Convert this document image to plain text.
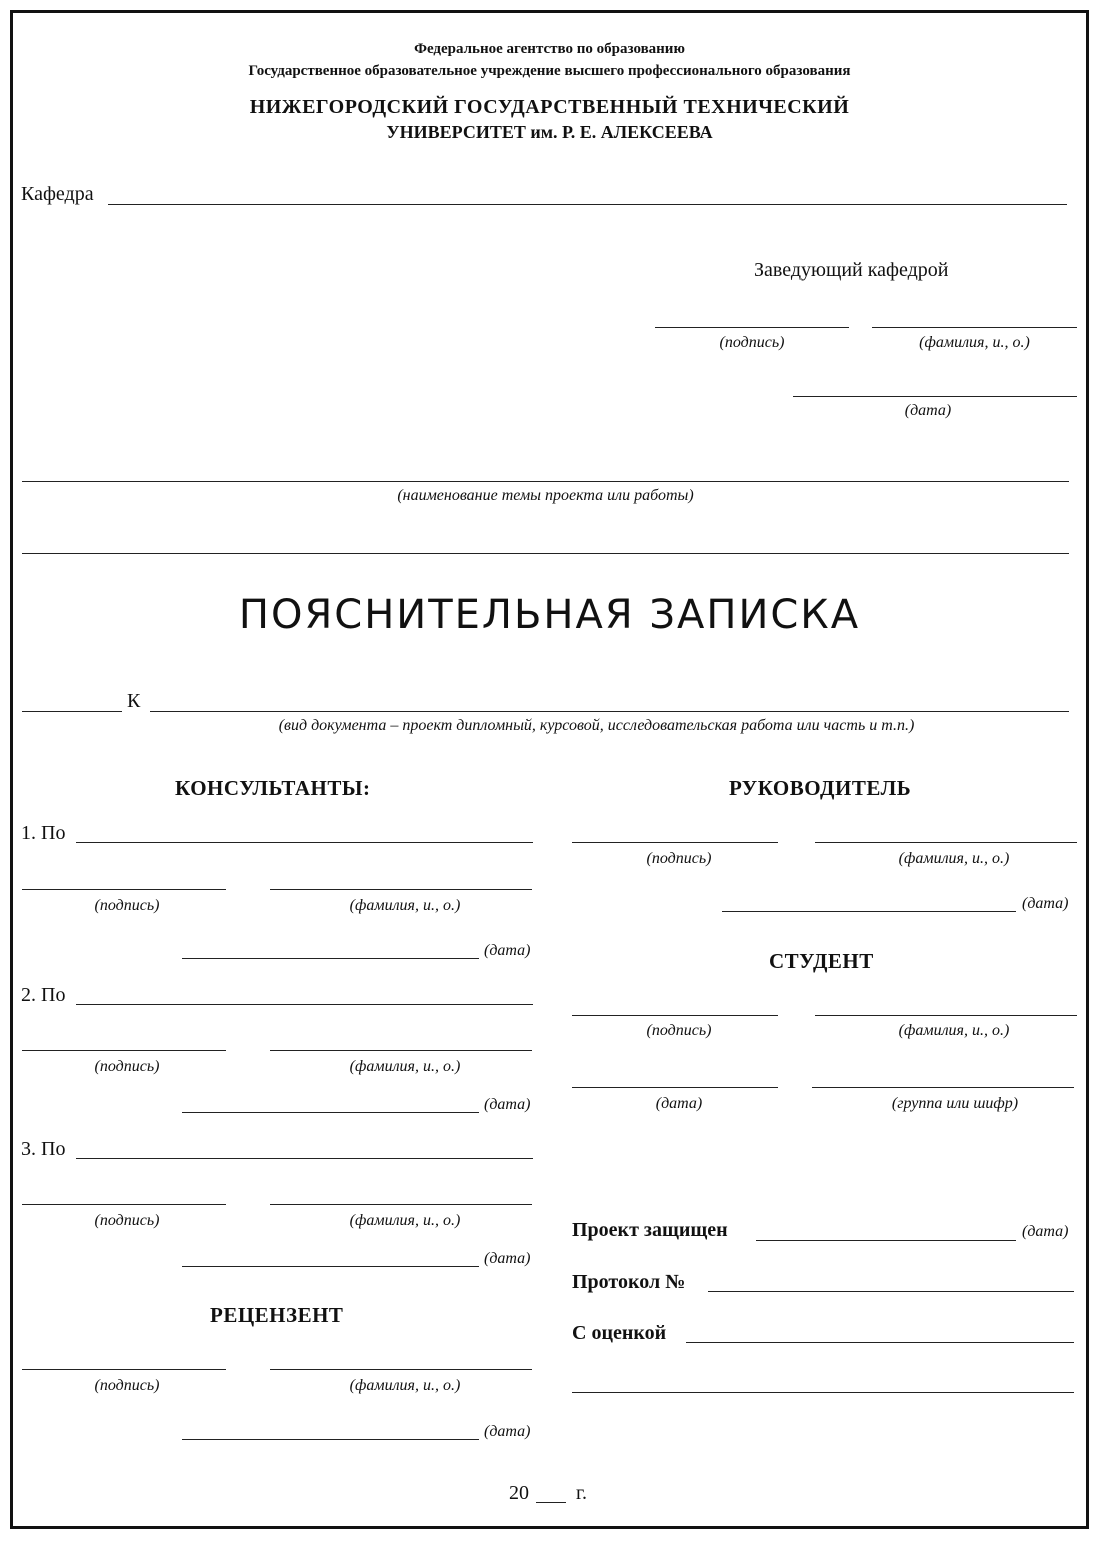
Федеральное агентство по образованию
Государственное образовательное учреждение высшего профессионального образования
НИЖЕГОРОДСКИЙ ГОСУДАРСТВЕННЫЙ ТЕХНИЧЕСКИЙ
УНИВЕРСИТЕТ им. Р. Е. АЛЕКСЕЕВА
Кафедра
Заведующий кафедрой
(подпись)	(фамилия, и., о.)
(дата)
(наименование темы проекта или работы)
ПОЯСНИТЕЛЬНАЯ ЗАПИСКА
К
(вид документа – проект дипломный, курсовой, исследовательская работа или часть и т.п.)
КОНСУЛЬТАНТЫ:	РУКОВОДИТЕЛЬ
1. По
(подпись)	(фамилия, и., о.)
(дата)
2. По
(подпись)	(фамилия, и., о.)
(дата)
3. По
(подпись)	(фамилия, и., о.)
(дата)
РЕЦЕНЗЕНТ
(подпись)	(фамилия, и., о.)
(дата)
(подпись)	(фамилия, и., о.)
(дата)
СТУДЕНТ
(подпись)	(фамилия, и., о.)
(дата)	(группа или шифр)
Проект защищен	(дата)
Протокол №
С оценкой
20 г.
